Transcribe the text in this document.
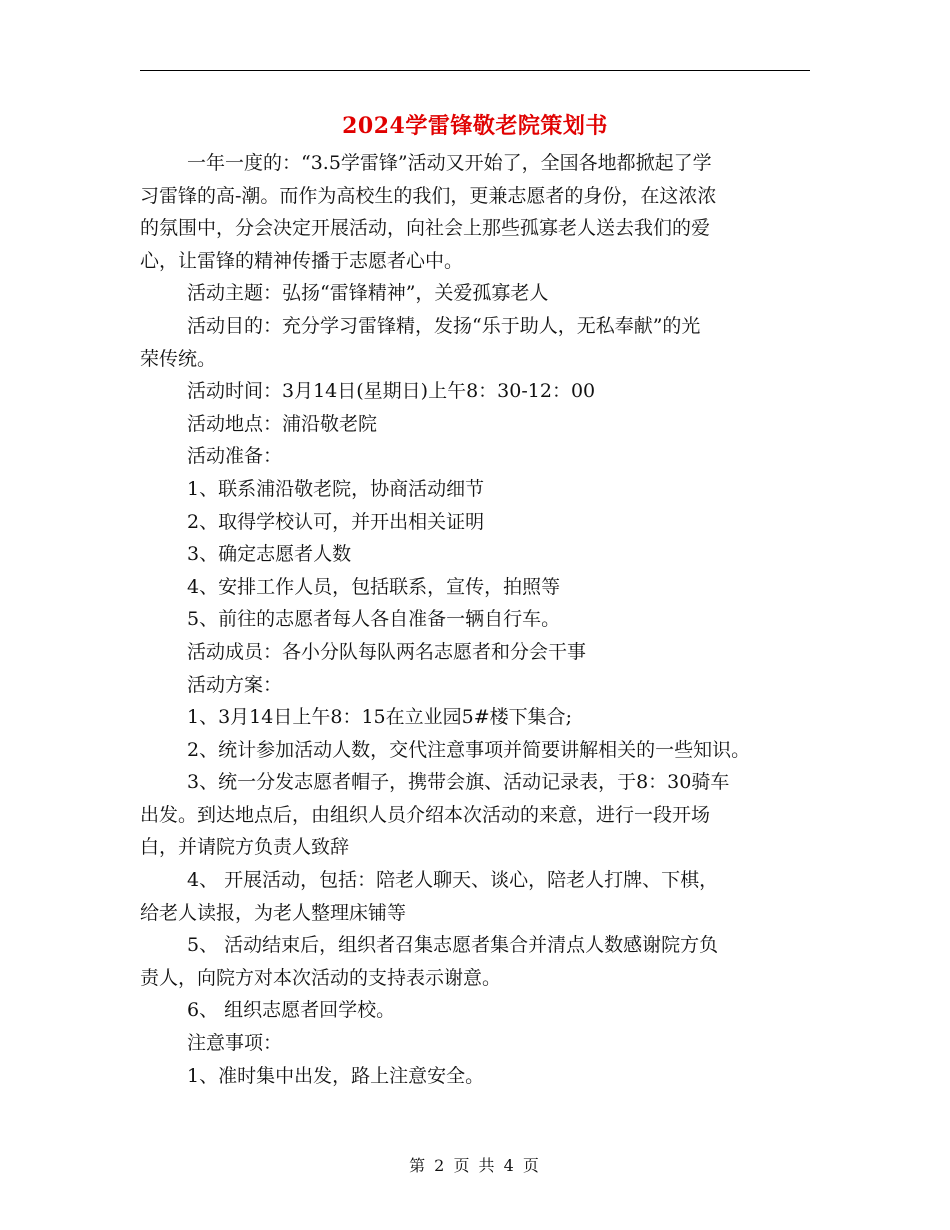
2024学雷锋敬老院策划书
一年一度的：“3.5学雷锋”活动又开始了，全国各地都掀起了学
习雷锋的高-潮。而作为高校生的我们，更兼志愿者的身份，在这浓浓
的氛围中，分会决定开展活动，向社会上那些孤寡老人送去我们的爱
心，让雷锋的精神传播于志愿者心中。
活动主题：弘扬“雷锋精神”，关爱孤寡老人
活动目的：充分学习雷锋精，发扬“乐于助人，无私奉献”的光
荣传统。
活动时间：3月14日(星期日)上午8：30-12：00
活动地点：浦沿敬老院
活动准备：
1、联系浦沿敬老院，协商活动细节
2、取得学校认可，并开出相关证明
3、确定志愿者人数
4、安排工作人员，包括联系，宣传，拍照等
5、前往的志愿者每人各自准备一辆自行车。
活动成员：各小分队每队两名志愿者和分会干事
活动方案：
1、3月14日上午8：15在立业园5#楼下集合;
2、统计参加活动人数，交代注意事项并简要讲解相关的一些知识。
3、统一分发志愿者帽子，携带会旗、活动记录表，于8：30骑车
出发。到达地点后，由组织人员介绍本次活动的来意，进行一段开场
白，并请院方负责人致辞
4、 开展活动，包括：陪老人聊天、谈心，陪老人打牌、下棋，
给老人读报，为老人整理床铺等
5、 活动结束后，组织者召集志愿者集合并清点人数感谢院方负
责人，向院方对本次活动的支持表示谢意。
6、 组织志愿者回学校。
注意事项：
1、准时集中出发，路上注意安全。
第 2 页 共 4 页
